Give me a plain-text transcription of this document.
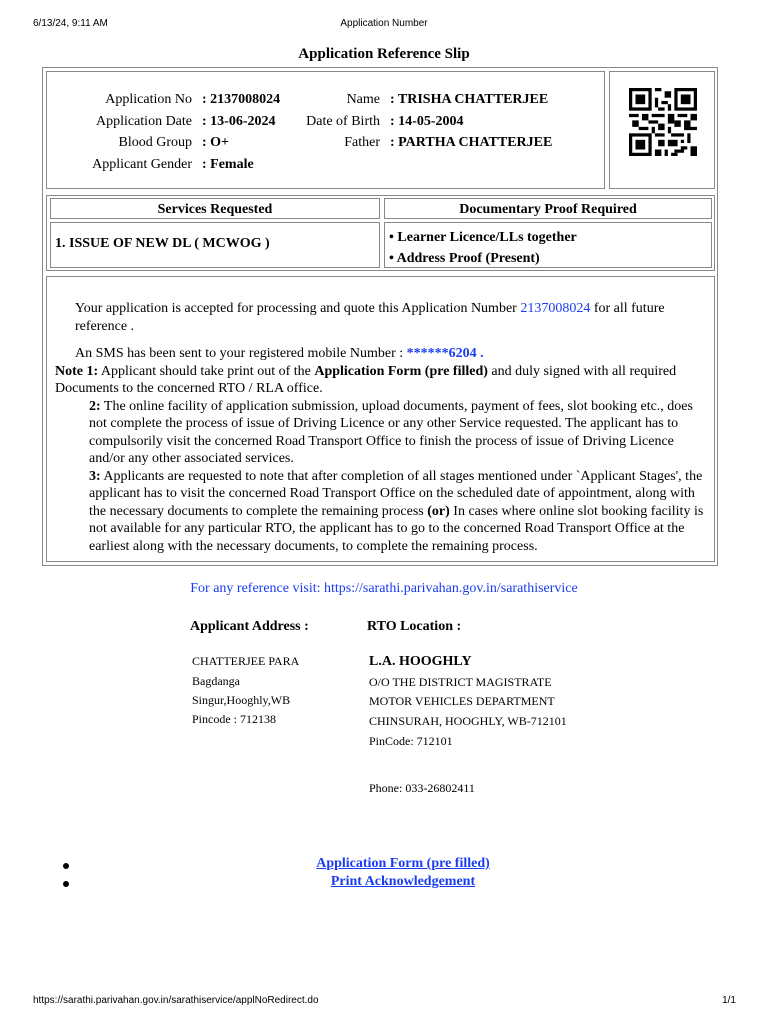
6/13/24, 9:11 AM	Application Number
Application Reference Slip
Application No : 2137008024
Application Date : 13-06-2024
Blood Group : O+
Applicant Gender : Female
Name : TRISHA CHATTERJEE
Date of Birth : 14-05-2004
Father : PARTHA CHATTERJEE
Services Requested	Documentary Proof Required
1. ISSUE OF NEW DL ( MCWOG )	• Learner Licence/LLs together
• Address Proof (Present)

Your application is accepted for processing and quote this Application Number 2137008024 for all future reference .

An SMS has been sent to your registered mobile Number : ******6204 .

Note 1: Applicant should take print out of the Application Form (pre filled) and duly signed with all required Documents to the concerned RTO / RLA office.

2: The online facility of application submission, upload documents, payment of fees, slot booking etc., does not complete the process of issue of Driving Licence or any other Service requested. The applicant has to compulsorily visit the concerned Road Transport Office to finish the process of issue of Driving Licence and/or any other associated services.

3: Applicants are requested to note that after completion of all stages mentioned under `Applicant Stages', the applicant has to visit the concerned Road Transport Office on the scheduled date of appointment, along with the necessary documents to complete the remaining process (or) In cases where online slot booking facility is not available for any particular RTO, the applicant has to go to the concerned Road Transport Office at the earliest along with the necessary documents, to complete the remaining process.

For any reference visit: https://sarathi.parivahan.gov.in/sarathiservice
Applicant Address :	RTO Location :
CHATTERJEE PARA
Bagdanga
Singur,Hooghly,WB
Pincode : 712138
L.A. HOOGHLY
O/O THE DISTRICT MAGISTRATE
MOTOR VEHICLES DEPARTMENT
CHINSURAH, HOOGHLY, WB-712101
PinCode: 712101
Phone: 033-26802411
Application Form (pre filled)
Print Acknowledgement
https://sarathi.parivahan.gov.in/sarathiservice/applNoRedirect.do	1/1
